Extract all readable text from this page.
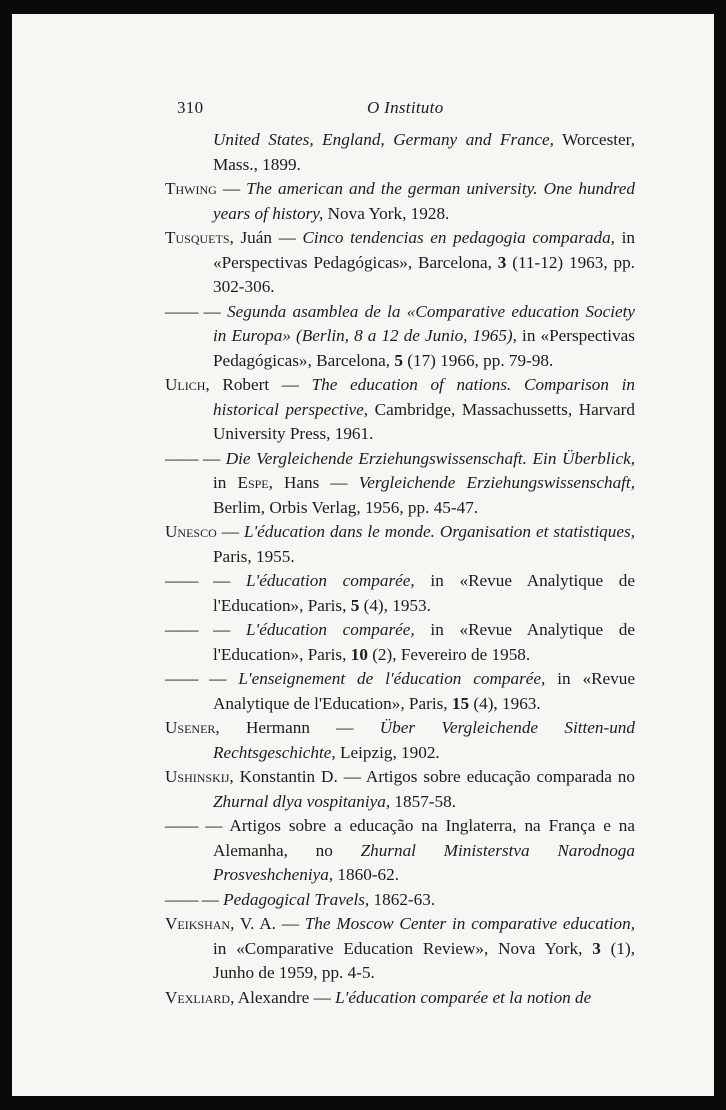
310	O Instituto

United States, England, Germany and France, Worcester, Mass., 1899.

Thwing — The american and the german university. One hundred years of history, Nova York, 1928.

Tusquets, Juán — Cinco tendencias en pedagogia comparada, in «Perspectivas Pedagógicas», Barcelona, 3 (11-12) 1963, pp. 302-306.

—— — Segunda asamblea de la «Comparative education Society in Europa» (Berlin, 8 a 12 de Junio, 1965), in «Perspectivas Pedagógicas», Barcelona, 5 (17) 1966, pp. 79-98.

Ulich, Robert — The education of nations. Comparison in historical perspective, Cambridge, Massachussetts, Harvard University Press, 1961.

—— — Die Vergleichende Erziehungswissenschaft. Ein Überblick, in Espe, Hans — Vergleichende Erziehungswissenschaft, Berlim, Orbis Verlag, 1956, pp. 45-47.

Unesco — L'éducation dans le monde. Organisation et statistiques, Paris, 1955.

—— — L'éducation comparée, in «Revue Analytique de l'Education», Paris, 5 (4), 1953.

—— — L'éducation comparée, in «Revue Analytique de l'Education», Paris, 10 (2), Fevereiro de 1958.

—— — L'enseignement de l'éducation comparée, in «Revue Analytique de l'Education», Paris, 15 (4), 1963.

Usener, Hermann — Über Vergleichende Sitten-und Rechtsgeschichte, Leipzig, 1902.

Ushinskij, Konstantin D. — Artigos sobre educação comparada no Zhurnal dlya vospitaniya, 1857-58.

—— — Artigos sobre a educação na Inglaterra, na França e na Alemanha, no Zhurnal Ministerstva Narodnoga Prosveshcheniya, 1860-62.

—— — Pedagogical Travels, 1862-63.

Veikshan, V. A. — The Moscow Center in comparative education, in «Comparative Education Review», Nova York, 3 (1), Junho de 1959, pp. 4-5.

Vexliard, Alexandre — L'éducation comparée et la notion de
